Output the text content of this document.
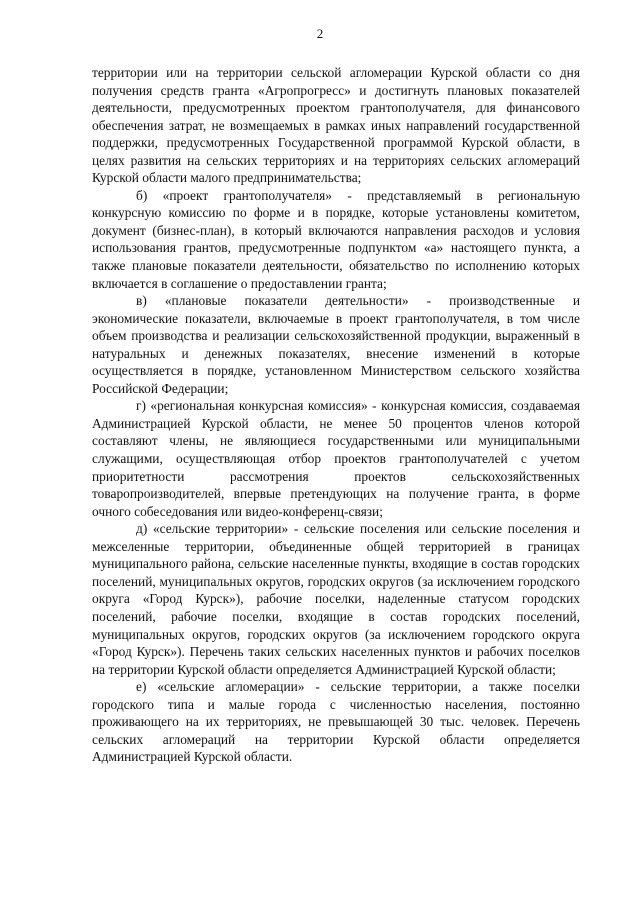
2

территории или на территории сельской агломерации Курской области со дня получения средств гранта «Агропрогресс» и достигнуть плановых показателей деятельности, предусмотренных проектом грантополучателя, для финансового обеспечения затрат, не возмещаемых в рамках иных направлений государственной поддержки, предусмотренных Государственной программой Курской области, в целях развития на сельских территориях и на территориях сельских агломераций Курской области малого предпринимательства;

б) «проект грантополучателя» - представляемый в региональную конкурсную комиссию по форме и в порядке, которые установлены комитетом, документ (бизнес-план), в который включаются направления расходов и условия использования грантов, предусмотренные подпунктом «а» настоящего пункта, а также плановые показатели деятельности, обязательство по исполнению которых включается в соглашение о предоставлении гранта;

в) «плановые показатели деятельности» - производственные и экономические показатели, включаемые в проект грантополучателя, в том числе объем производства и реализации сельскохозяйственной продукции, выраженный в натуральных и денежных показателях, внесение изменений в которые осуществляется в порядке, установленном Министерством сельского хозяйства Российской Федерации;

г) «региональная конкурсная комиссия» - конкурсная комиссия, создаваемая Администрацией Курской области, не менее 50 процентов членов которой составляют члены, не являющиеся государственными или муниципальными служащими, осуществляющая отбор проектов грантополучателей с учетом приоритетности рассмотрения проектов сельскохозяйственных товаропроизводителей, впервые претендующих на получение гранта, в форме очного собеседования или видео-конференц-связи;

д) «сельские территории» - сельские поселения или сельские поселения и межселенные территории, объединенные общей территорией в границах муниципального района, сельские населенные пункты, входящие в состав городских поселений, муниципальных округов, городских округов (за исключением городского округа «Город Курск»), рабочие поселки, наделенные статусом городских поселений, рабочие поселки, входящие в состав городских поселений, муниципальных округов, городских округов (за исключением городского округа «Город Курск»). Перечень таких сельских населенных пунктов и рабочих поселков на территории Курской области определяется Администрацией Курской области;

е) «сельские агломерации» - сельские территории, а также поселки городского типа и малые города с численностью населения, постоянно проживающего на их территориях, не превышающей 30 тыс. человек. Перечень сельских агломераций на территории Курской области определяется Администрацией Курской области.
